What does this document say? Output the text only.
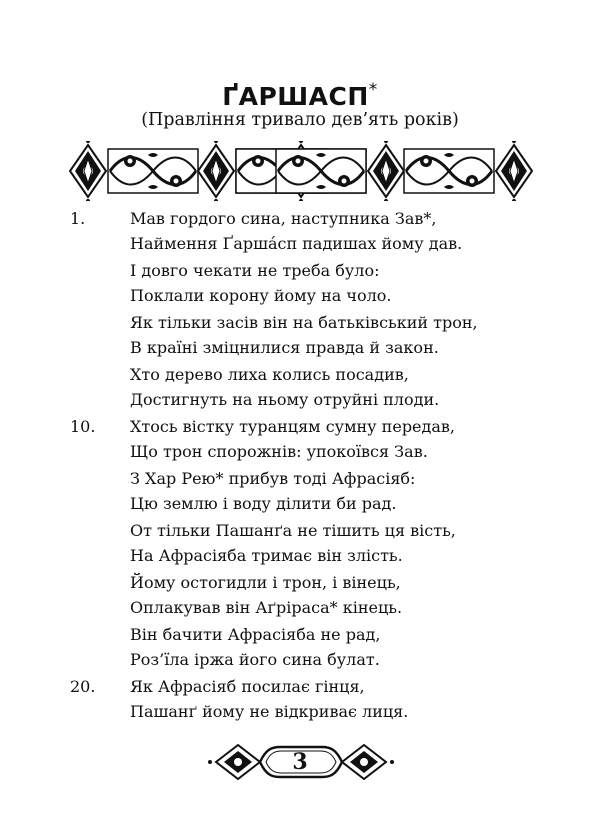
ҐАРШАСП*
(Правління тривало дев’ять років)
1.	Мав гордого сина, наступника Зав*,
Наймення Ґарша́сп падишах йому дав.
І довго чекати не треба було:
Поклали корону йому на чоло.
Як тільки засів він на батьківський трон,
В країні зміцнилися правда й закон.
Хто дерево лиха колись посадив,
Достигнуть на ньому отруйні плоди.
10. Хтось вістку туранцям сумну передав,
Що трон спорожнів: упокоївся Зав.
З Хар Рею* прибув тоді Афрасіяб:
Цю землю і воду ділити би рад.
От тільки Пашанґа не тішить ця вість,
На Афрасіяба тримає він злість.
Йому остогидли і трон, і вінець,
Оплакував він Аґріраса* кінець.
Він бачити Афрасіяба не рад,
Роз’їла іржа його сина булат.
20. Як Афрасіяб посилає гінця,
Пашанґ йому не відкриває лиця.
3
